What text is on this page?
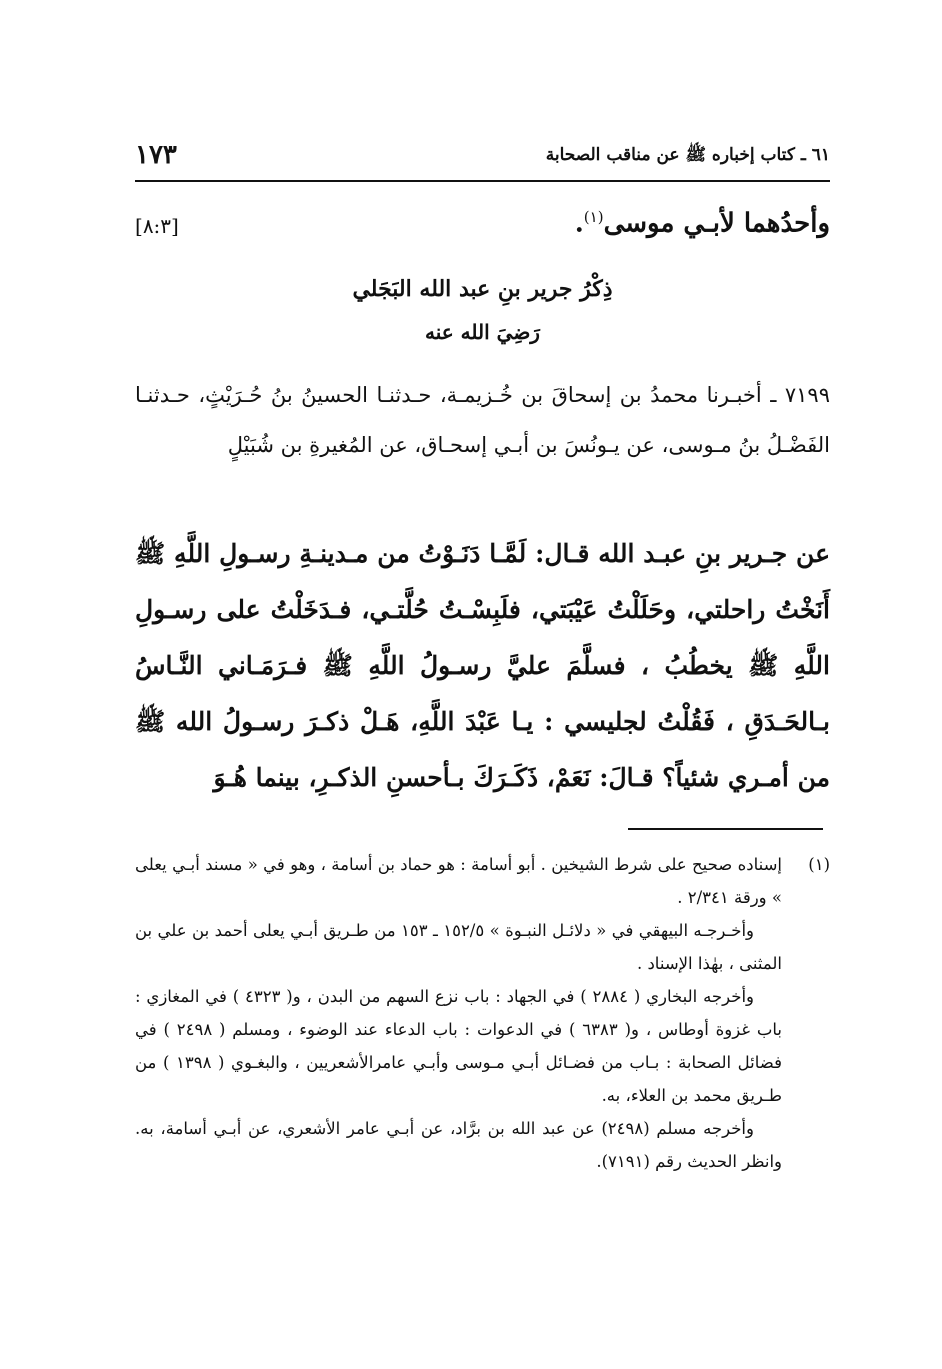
٦١ ـ كتاب إخباره ﷺ عن مناقب الصحابة
١٧٣
وأحدُهما لأبـي موسى$^{(١)}$.
[٨:٣]
ذِكْرُ جرير بنِ عبد الله البَجَلي
رَضِيَ الله عنه

٧١٩٩ ـ أخبـرنا محمدُ بن إسحاقَ بن خُـزيمـة، حـدثنـا الحسينُ بنُ حُـرَيْثٍ، حـدثنـا الفَضْـلُ بنُ مـوسى، عن يـونُسَ بن أبـي إسحـاق، عن المُغيرةِ بن شُبَيْلٍ

عن جـرير بنِ عبـد الله قـال: لَمَّـا دَنَـوْتُ من مـدينـةِ رسـولِ اللَّهِ ﷺ أَنَخْتُ راحلتي، وحَلَلْتُ عَيْبَتي، فلَبِسْـتُ حُلَّتـي، فـدَخَلْتُ على رسـولِ اللَّهِ ﷺ يخطُبُ ، فسلَّمَ عليَّ رسـولُ اللَّهِ ﷺ فـرَمَـاني النَّـاسُ بـالحَـدَقِ ، فَقُلْتُ لجليسي : يـا عَبْدَ اللَّهِ، هَـلْ ذكـرَ رسـولُ الله ﷺ من أمـري شئياً؟ قـالَ: نَعَمْ، ذَكَـرَكَ بـأحسنِ الذكـرِ، بينما هُـوَ

(١)

إسناده صحيح على شرط الشيخين . أبو أسامة : هو حماد بن أسامة ، وهو في « مسند أبـي يعلى » ورقة ٢/٣٤١ .

وأخـرجـه البيهقي في « دلائـل النبـوة » ١٥٢/٥ ـ ١٥٣ من طـريق أبـي يعلى أحمد بن علي بن المثنى ، بهٰذا الإسناد .

وأخرجه البخاري ( ٢٨٨٤ ) في الجهاد : باب نزع السهم من البدن ، و( ٤٣٢٣ ) في المغازي : باب غزوة أوطاس ، و( ٦٣٨٣ ) في الدعوات : باب الدعاء عند الوضوء ، ومسلم ( ٢٤٩٨ ) في فضائل الصحابة : بـاب من فضـائل أبـي مـوسى وأبـي عامرالأشعريين ، والبغـوي ( ١٣٩٨ ) من طـريق محمد بن العلاء، به.

وأخرجه مسلم (٢٤٩٨) عن عبد الله بن برَّاد، عن أبـي عامر الأشعري، عن أبـي أسامة، به. وانظر الحديث رقم (٧١٩١).
